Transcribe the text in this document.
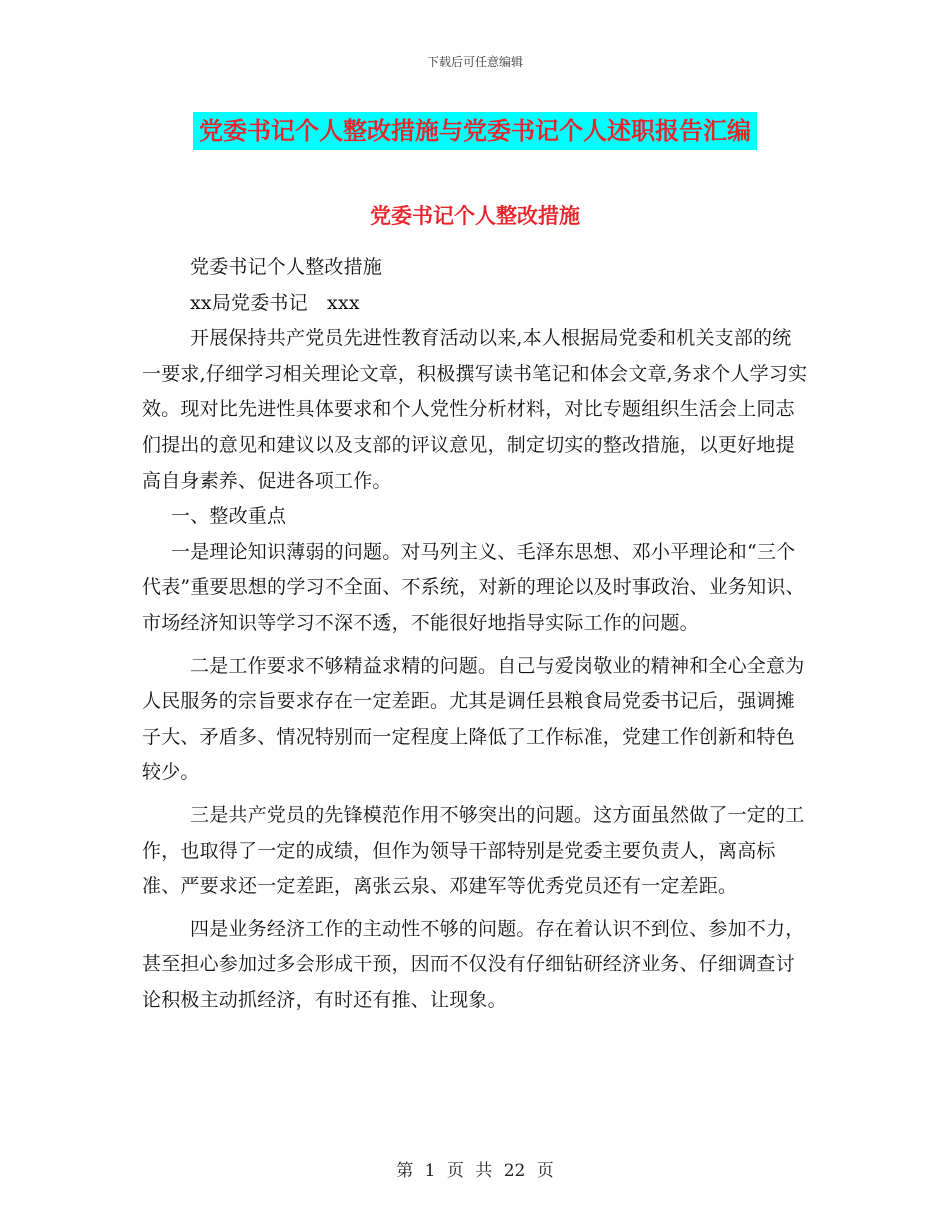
下载后可任意编辑
党委书记个人整改措施与党委书记个人述职报告汇编
党委书记个人整改措施

党委书记个人整改措施

xx局党委书记　xxx

开展保持共产党员先进性教育活动以来,本人根据局党委和机关支部的统一要求,仔细学习相关理论文章，积极撰写读书笔记和体会文章,务求个人学习实效。现对比先进性具体要求和个人党性分析材料，对比专题组织生活会上同志们提出的意见和建议以及支部的评议意见，制定切实的整改措施，以更好地提高自身素养、促进各项工作。

一、整改重点

一是理论知识薄弱的问题。对马列主义、毛泽东思想、邓小平理论和“三个代表”重要思想的学习不全面、不系统，对新的理论以及时事政治、业务知识、市场经济知识等学习不深不透，不能很好地指导实际工作的问题。

二是工作要求不够精益求精的问题。自己与爱岗敬业的精神和全心全意为人民服务的宗旨要求存在一定差距。尤其是调任县粮食局党委书记后，强调摊子大、矛盾多、情况特别而一定程度上降低了工作标准，党建工作创新和特色较少。

三是共产党员的先锋模范作用不够突出的问题。这方面虽然做了一定的工作，也取得了一定的成绩，但作为领导干部特别是党委主要负责人，离高标准、严要求还一定差距，离张云泉、邓建军等优秀党员还有一定差距。

四是业务经济工作的主动性不够的问题。存在着认识不到位、参加不力，甚至担心参加过多会形成干预，因而不仅没有仔细钻研经济业务、仔细调查讨论积极主动抓经济，有时还有推、让现象。

第 1 页 共 22 页
